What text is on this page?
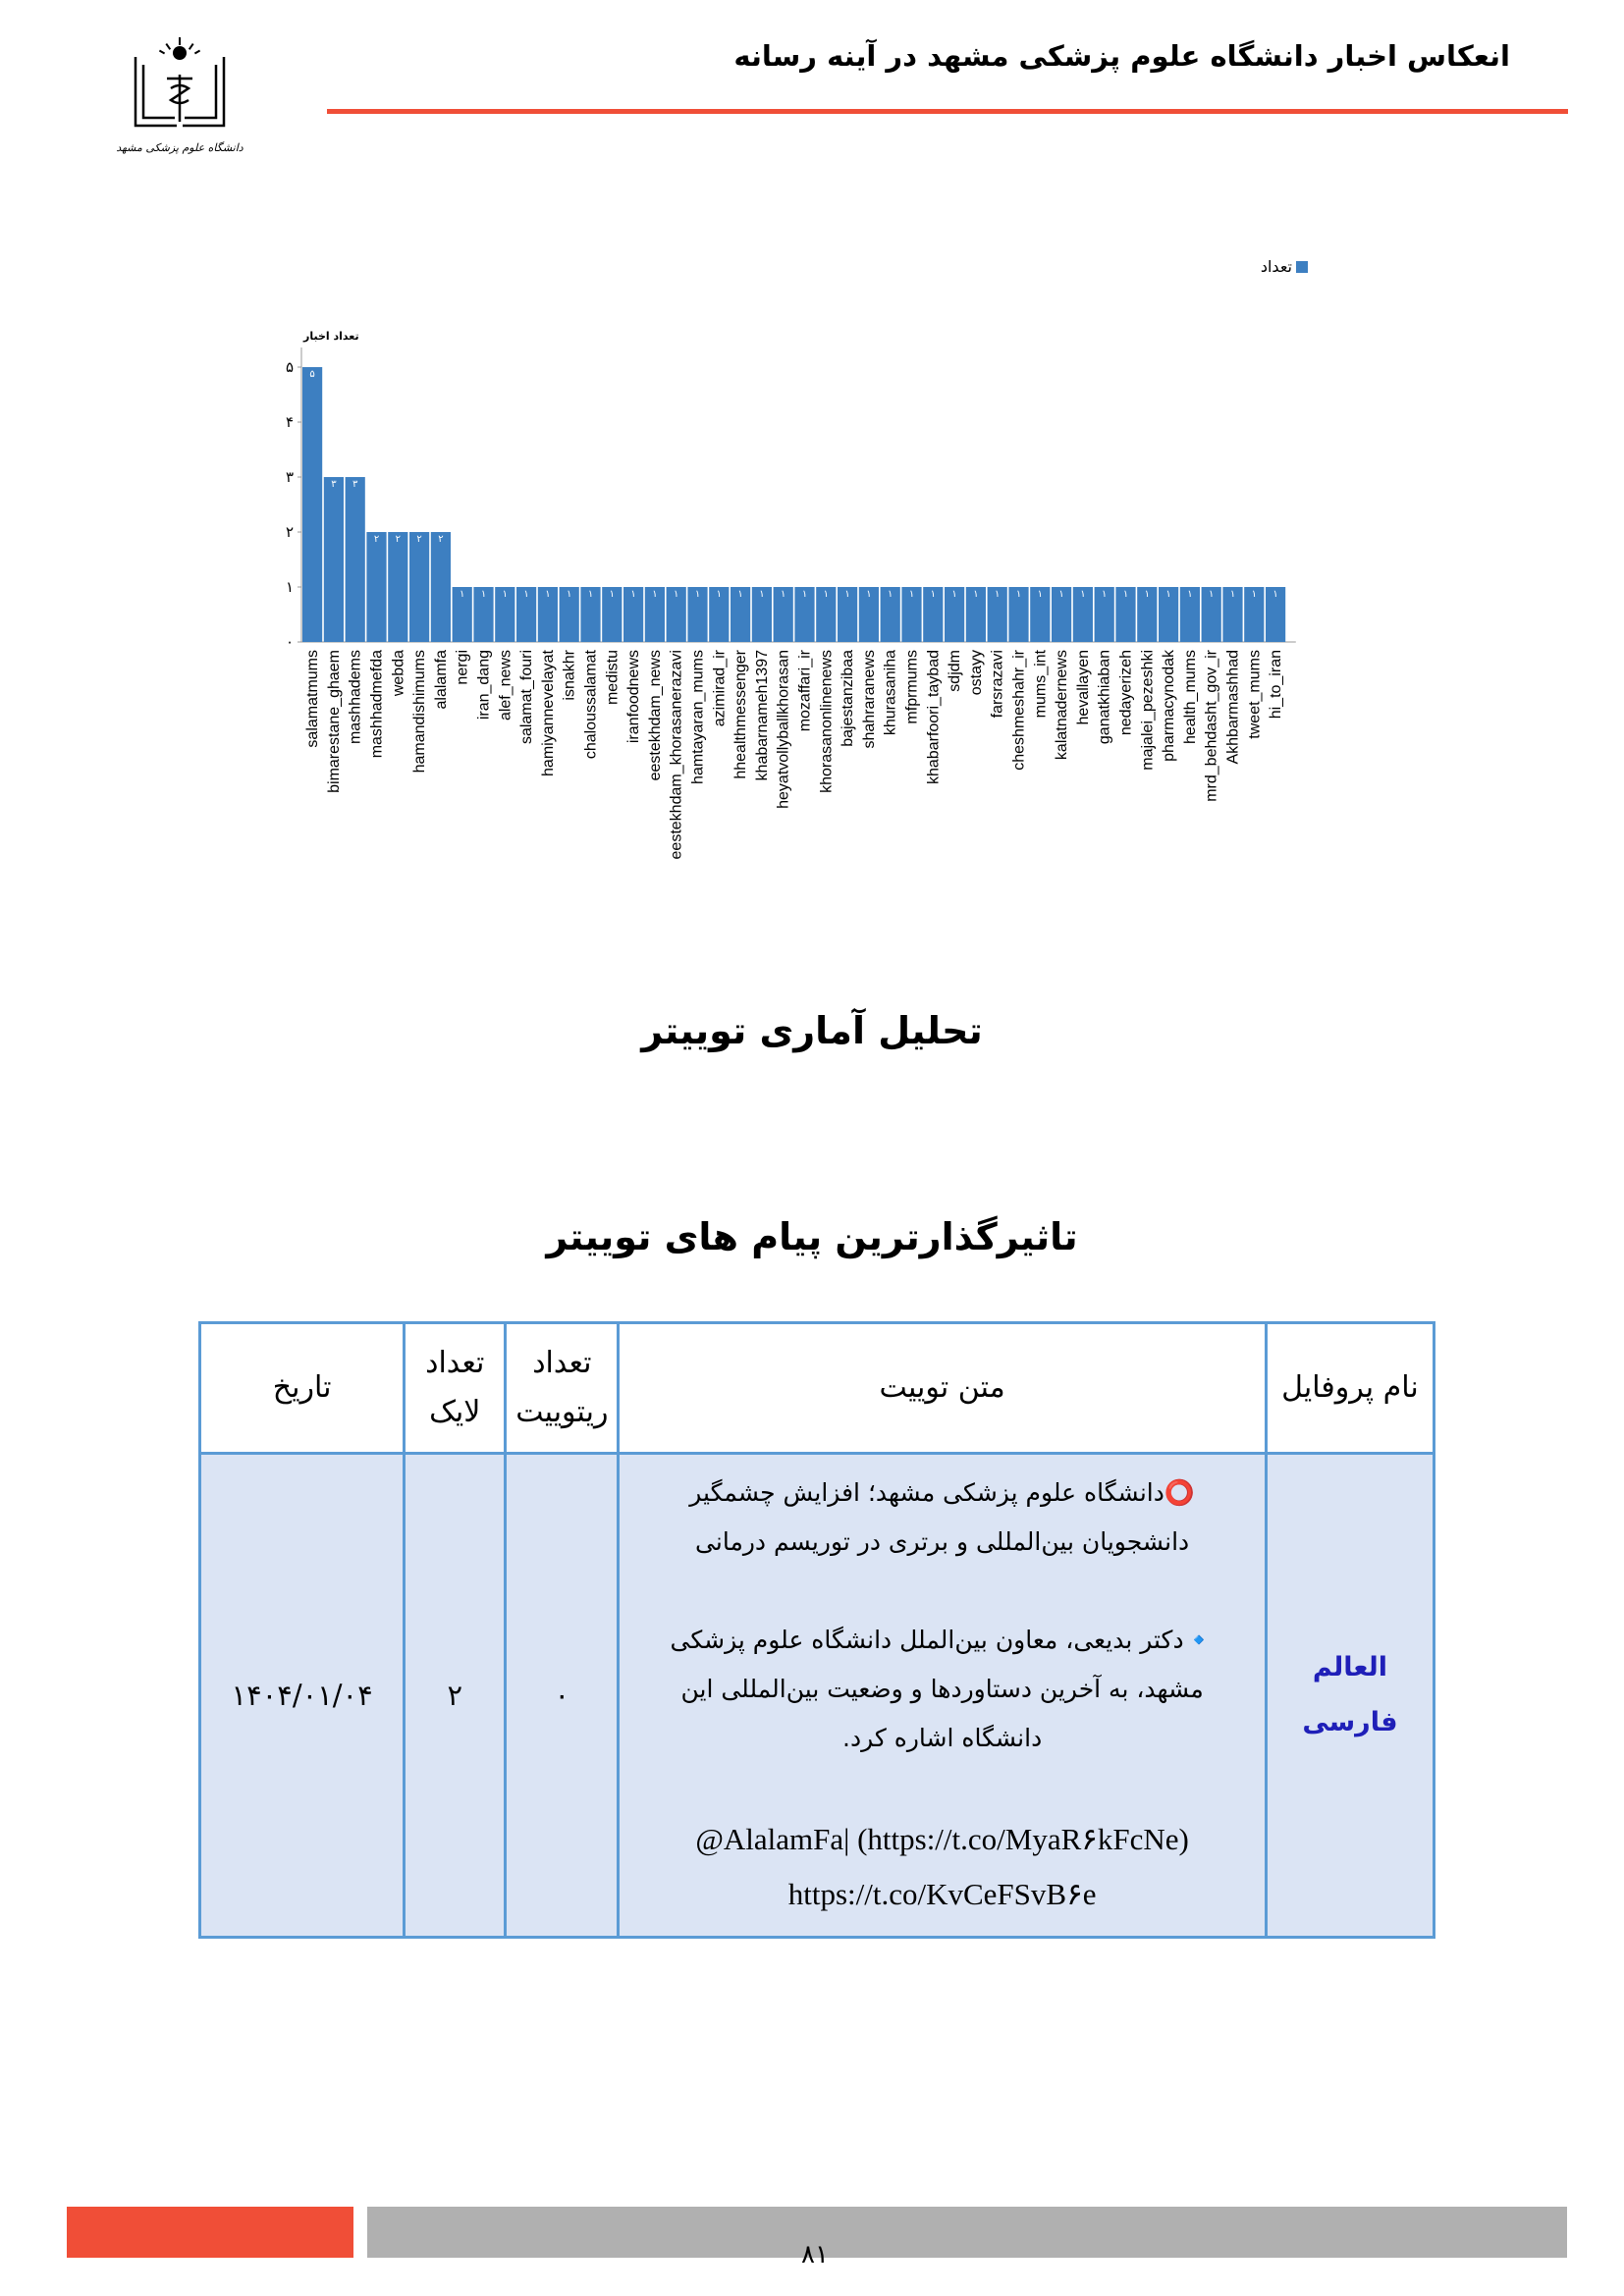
دانشگاه علوم پزشکی مشهد
انعکاس اخبار دانشگاه علوم پزشکی مشهد در آینه رسانه
تعداد اخبار
تعداد
۰
۱
۲
۳
۴
۵ ۵
salamatmums
۳
bimarestane_ghaem
۳
mashhadems
۲
mashhadmefda
۲
webda
۲
hamandishimums
۲
alalamfa
۱
nergi
۱
iran_dang
۱
alef_news
۱
salamat_fouri
۱
hamiyannevelayat
۱
isnakhr
۱
chaloussalamat
۱
medistu
۱
iranfoodnews
۱
eestekhdam_news
۱
eestekhdam_khorasanerazavi
۱
hamtayaran_mums
۱
azimirad_ir
۱
hhealthmessenger
۱
khabarnameh1397
۱
heyatvollyballkhorasan
۱
mozaffari_ir
۱
khorasanonlinenews
۱
bajestanzibaa
۱
shahraranews
۱
khurasaniha
۱
mfprmums
۱
khabarfoori_taybad
۱
sdjdm
۱
ostayy
۱
farsrazavi
۱
cheshmeshahr_ir
۱
mums_int
۱
kalatnadernews
۱
hevallayen
۱
ganatkhiaban
۱
nedayerizeh
۱
majalei_pezeshki
۱
pharmacynodak
۱
health_mums
۱
mrd_behdasht_gov_ir
۱
Akhbarmashhad
۱
tweet_mums
۱
hi_to_iran
تحلیل آماری توییتر
تاثیرگذارترین پیام های توییتر
نام پروفایل	متن توییت	تعداد ریتوییت	تعداد لایک	تاریخ

العالم فارسی	⭕️دانشگاه علوم پزشکی مشهد؛ افزایش چشمگیر دانشجویان بین‌المللی و برتری در توریسم درمانی

🔹دکتر بدیعی، معاون بین‌الملل دانشگاه علوم پزشکی مشهد، به آخرین دستاوردها و وضعیت بین‌المللی این دانشگاه اشاره کرد.

@AlalamFa| (https://t.co/MyaR۶kFcNe) https://t.co/KvCeFSvB۶e	۰	۲	۱۴۰۴/۰۱/۰۴
۸۱
